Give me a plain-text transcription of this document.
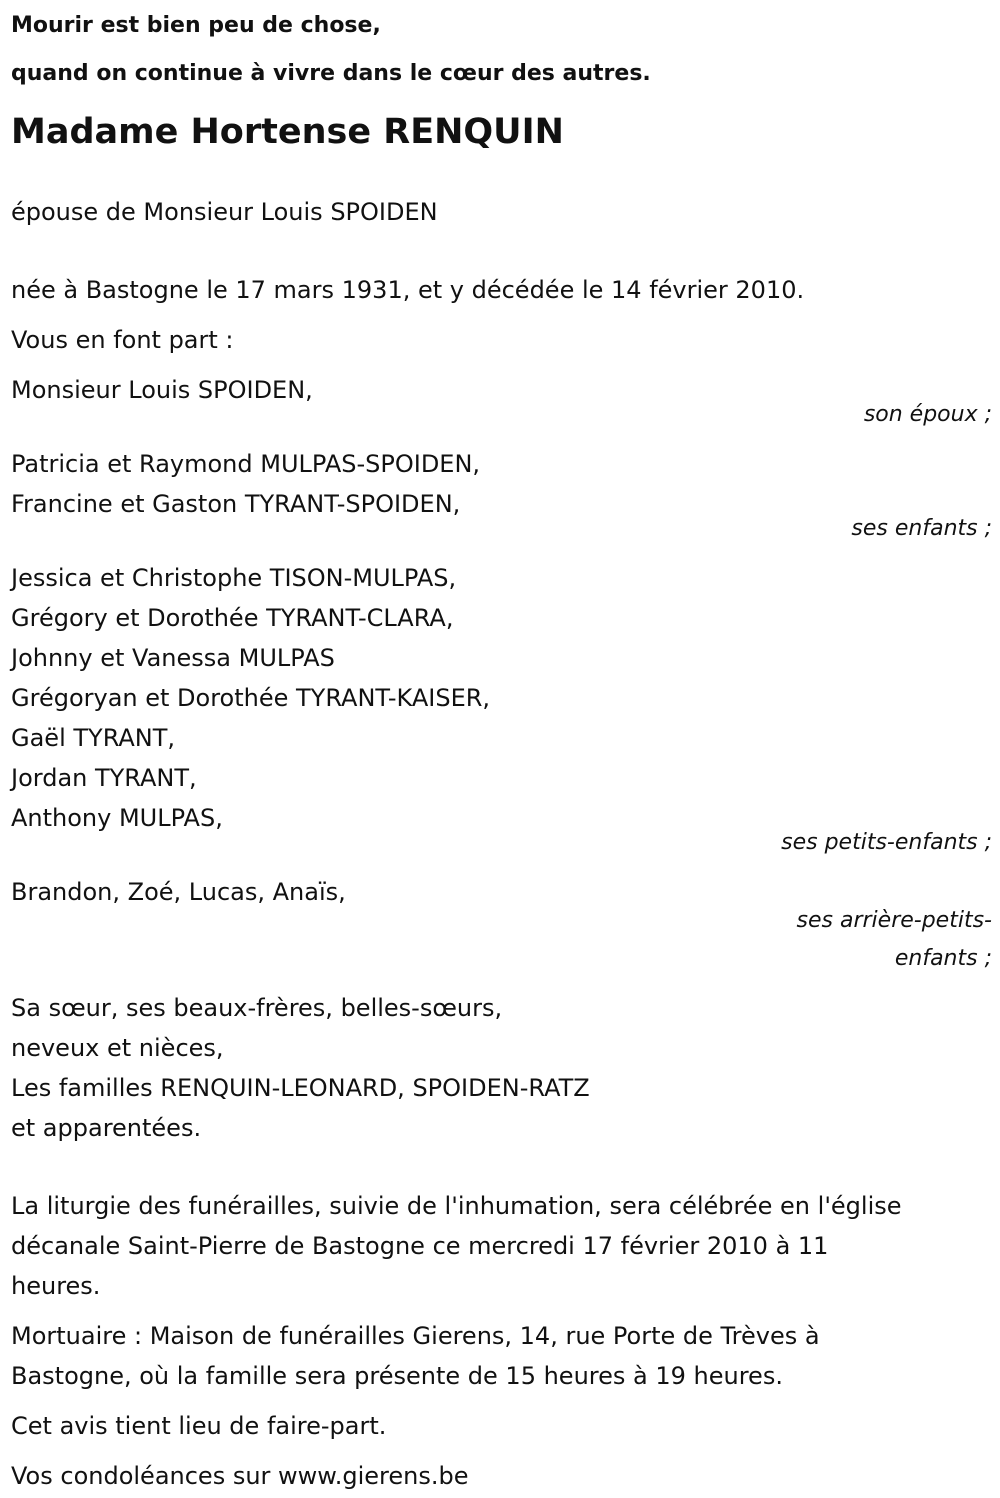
Mourir est bien peu de chose,
quand on continue à vivre dans le cœur des autres.
Madame Hortense RENQUIN
épouse de Monsieur Louis SPOIDEN
née à Bastogne le 17 mars 1931, et y décédée le 14 février 2010.
Vous en font part :
Monsieur Louis SPOIDEN,
son époux ;
Patricia et Raymond MULPAS-SPOIDEN,
Francine et Gaston TYRANT-SPOIDEN,
ses enfants ;
Jessica et Christophe TISON-MULPAS,
Grégory et Dorothée TYRANT-CLARA,
Johnny et Vanessa MULPAS
Grégoryan et Dorothée TYRANT-KAISER,
Gaël TYRANT,
Jordan TYRANT,
Anthony MULPAS,
ses petits-enfants ;
Brandon, Zoé, Lucas, Anaïs,
ses arrière-petits-
enfants ;
Sa sœur, ses beaux-frères, belles-sœurs,
neveux et nièces,
Les familles RENQUIN-LEONARD, SPOIDEN-RATZ
et apparentées.
La liturgie des funérailles, suivie de l'inhumation, sera célébrée en l'église
décanale Saint-Pierre de Bastogne ce mercredi 17 février 2010 à 11
heures.
Mortuaire : Maison de funérailles Gierens, 14, rue Porte de Trèves à
Bastogne, où la famille sera présente de 15 heures à 19 heures.
Cet avis tient lieu de faire-part.
Vos condoléances sur www.gierens.be
